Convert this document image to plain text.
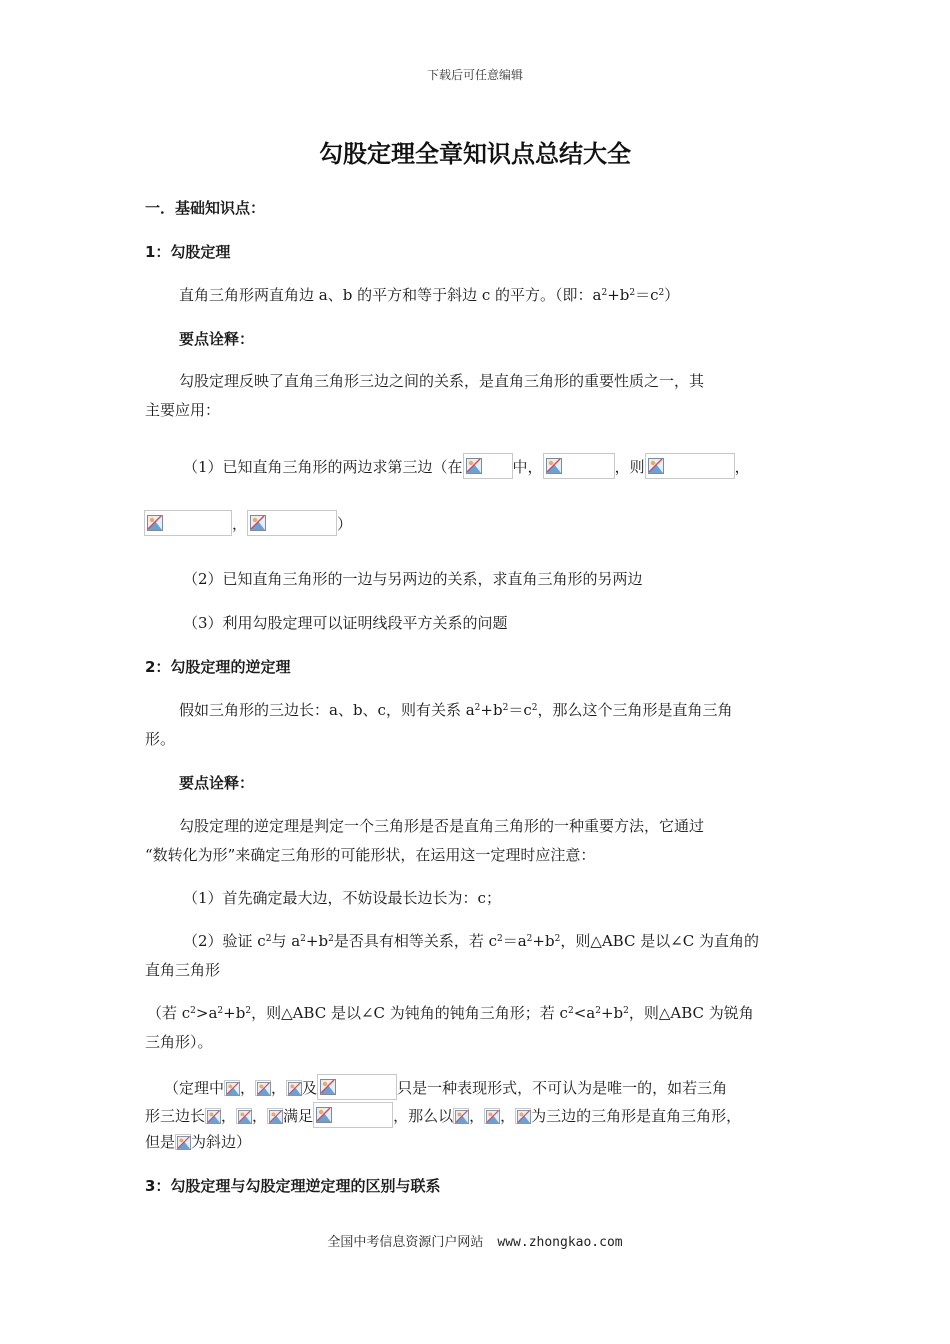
下载后可任意编辑
勾股定理全章知识点总结大全
一．基础知识点：
1：勾股定理
直角三角形两直角边 a、b 的平方和等于斜边 c 的平方。（即：$a^2+b^2=c^2$）
要点诠释：
勾股定理反映了直角三角形三边之间的关系，是直角三角形的重要性质之一，其
主要应用：
（1）已知直角三角形的两边求第三边（在	中，	，则	，
，	）
（2）已知直角三角形的一边与另两边的关系，求直角三角形的另两边
（3）利用勾股定理可以证明线段平方关系的问题
2：勾股定理的逆定理
假如三角形的三边长：a、b、c，则有关系 $a^2+b^2=c^2$，那么这个三角形是直角三角
形。
要点诠释：
勾股定理的逆定理是判定一个三角形是否是直角三角形的一种重要方法，它通过
“数转化为形”来确定三角形的可能形状，在运用这一定理时应注意：
（1）首先确定最大边，不妨设最长边长为：c；
（2）验证 $c^2$与 $a^2+b^2$是否具有相等关系，若 $c^2=a^2+b^2$，则△ABC 是以∠C 为直角的
直角三角形
（若 $c^2>a^2+b^2$，则△ABC 是以∠C 为钝角的钝角三角形；若 $c^2<a^2+b^2$，则△ABC 为锐角
三角形）。
（定理中 ， ， 及	只是一种表现形式，不可认为是唯一的，如若三角
形三边长 ， ， 满足	，那么以 ， ， 为三边的三角形是直角三角形，
但是 为斜边）
3：勾股定理与勾股定理逆定理的区别与联系
全国中考信息资源门户网站 www.zhongkao.com
